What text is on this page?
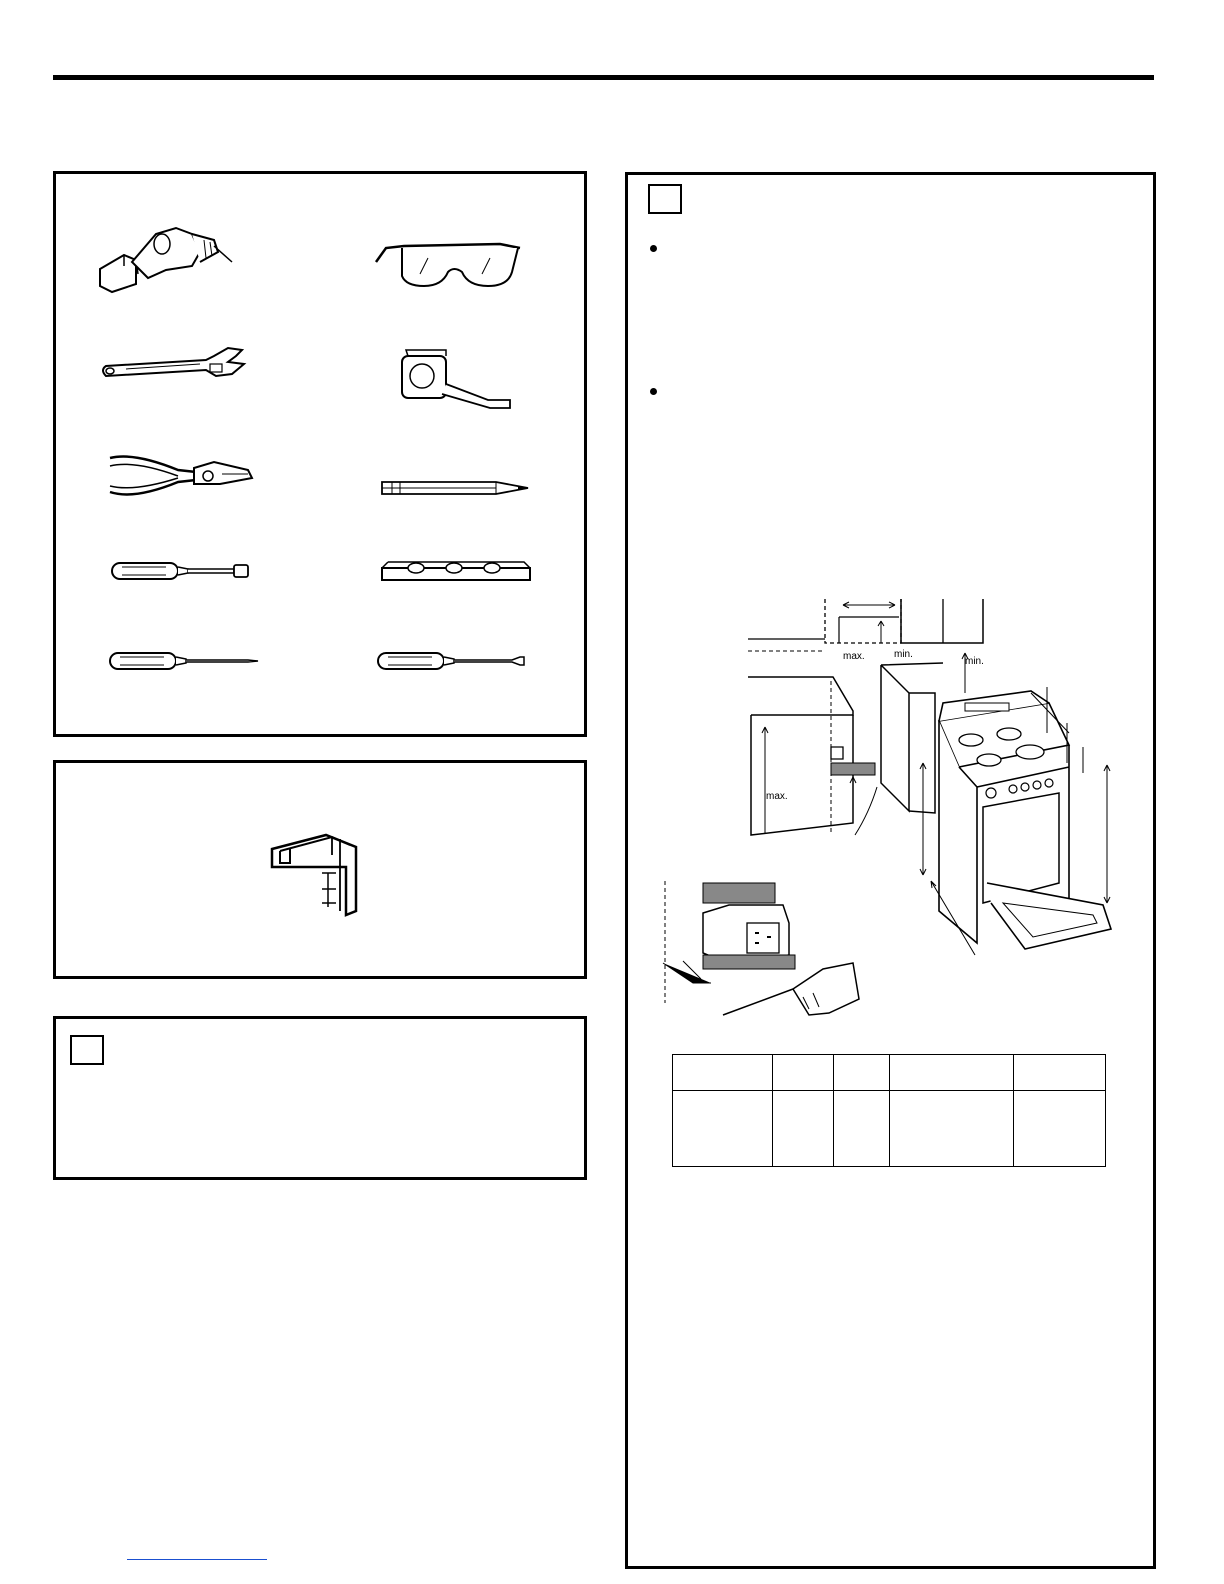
max.	min.
min.
max.
